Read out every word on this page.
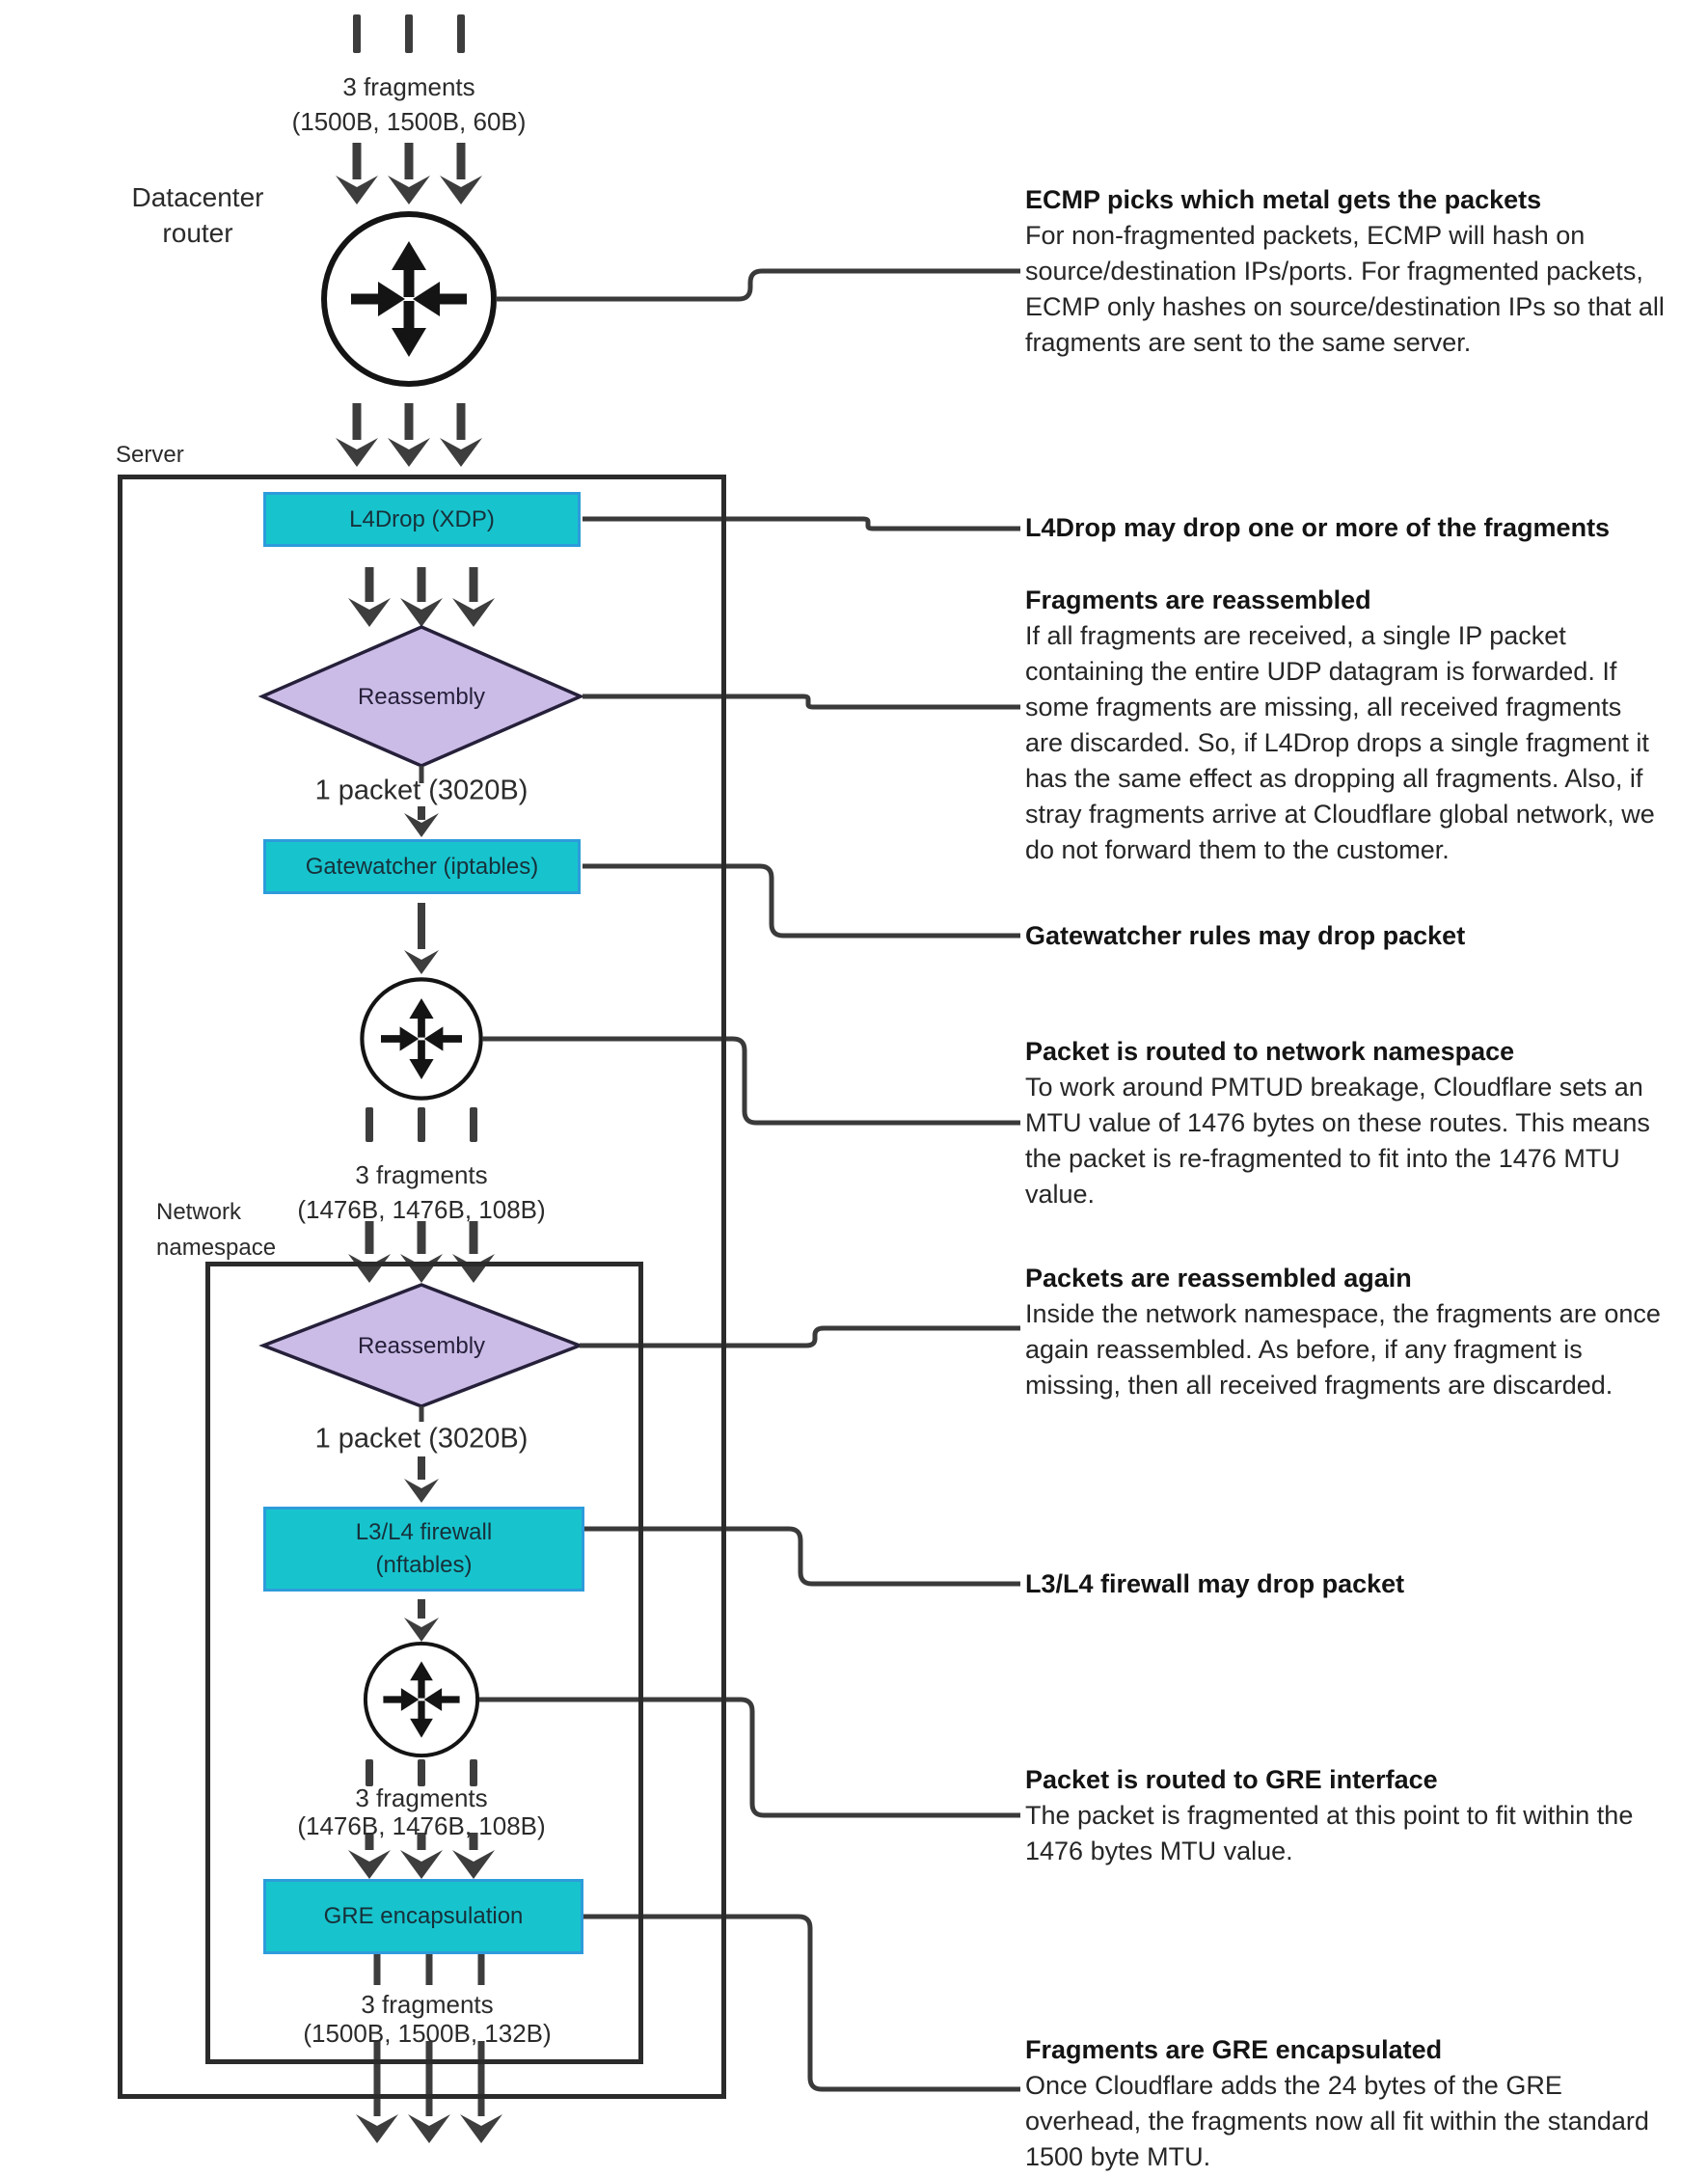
L4Drop (XDP)
Gatewatcher (iptables)
L3/L4 firewall
(nftables)
GRE encapsulation
Reassembly
Reassembly
3 fragments
(1500B, 1500B, 60B)
1 packet (3020B)
3 fragments
(1476B, 1476B, 108B)
1 packet (3020B)
3 fragments
(1476B, 1476B, 108B)
3 fragments
(1500B, 1500B, 132B)
Datacenter
router
Server
Network
namespace
ECMP picks which metal gets the packets
For non-fragmented packets, ECMP will hash on
source/destination IPs/ports. For fragmented packets,
ECMP only hashes on source/destination IPs so that all
fragments are sent to the same server.
L4Drop may drop one or more of the fragments
Fragments are reassembled
If all fragments are received, a single IP packet
containing the entire UDP datagram is forwarded. If
some fragments are missing, all received fragments
are discarded. So, if L4Drop drops a single fragment it
has the same effect as dropping all fragments. Also, if
stray fragments arrive at Cloudflare global network, we
do not forward them to the customer.
Gatewatcher rules may drop packet
Packet is routed to network namespace
To work around PMTUD breakage, Cloudflare sets an
MTU value of 1476 bytes on these routes. This means
the packet is re-fragmented to fit into the 1476 MTU
value.
Packets are reassembled again
Inside the network namespace, the fragments are once
again reassembled. As before, if any fragment is
missing, then all received fragments are discarded.
L3/L4 firewall may drop packet
Packet is routed to GRE interface
The packet is fragmented at this point to fit within the
1476 bytes MTU value.
Fragments are GRE encapsulated
Once Cloudflare adds the 24 bytes of the GRE
overhead, the fragments now all fit within the standard
1500 byte MTU.
